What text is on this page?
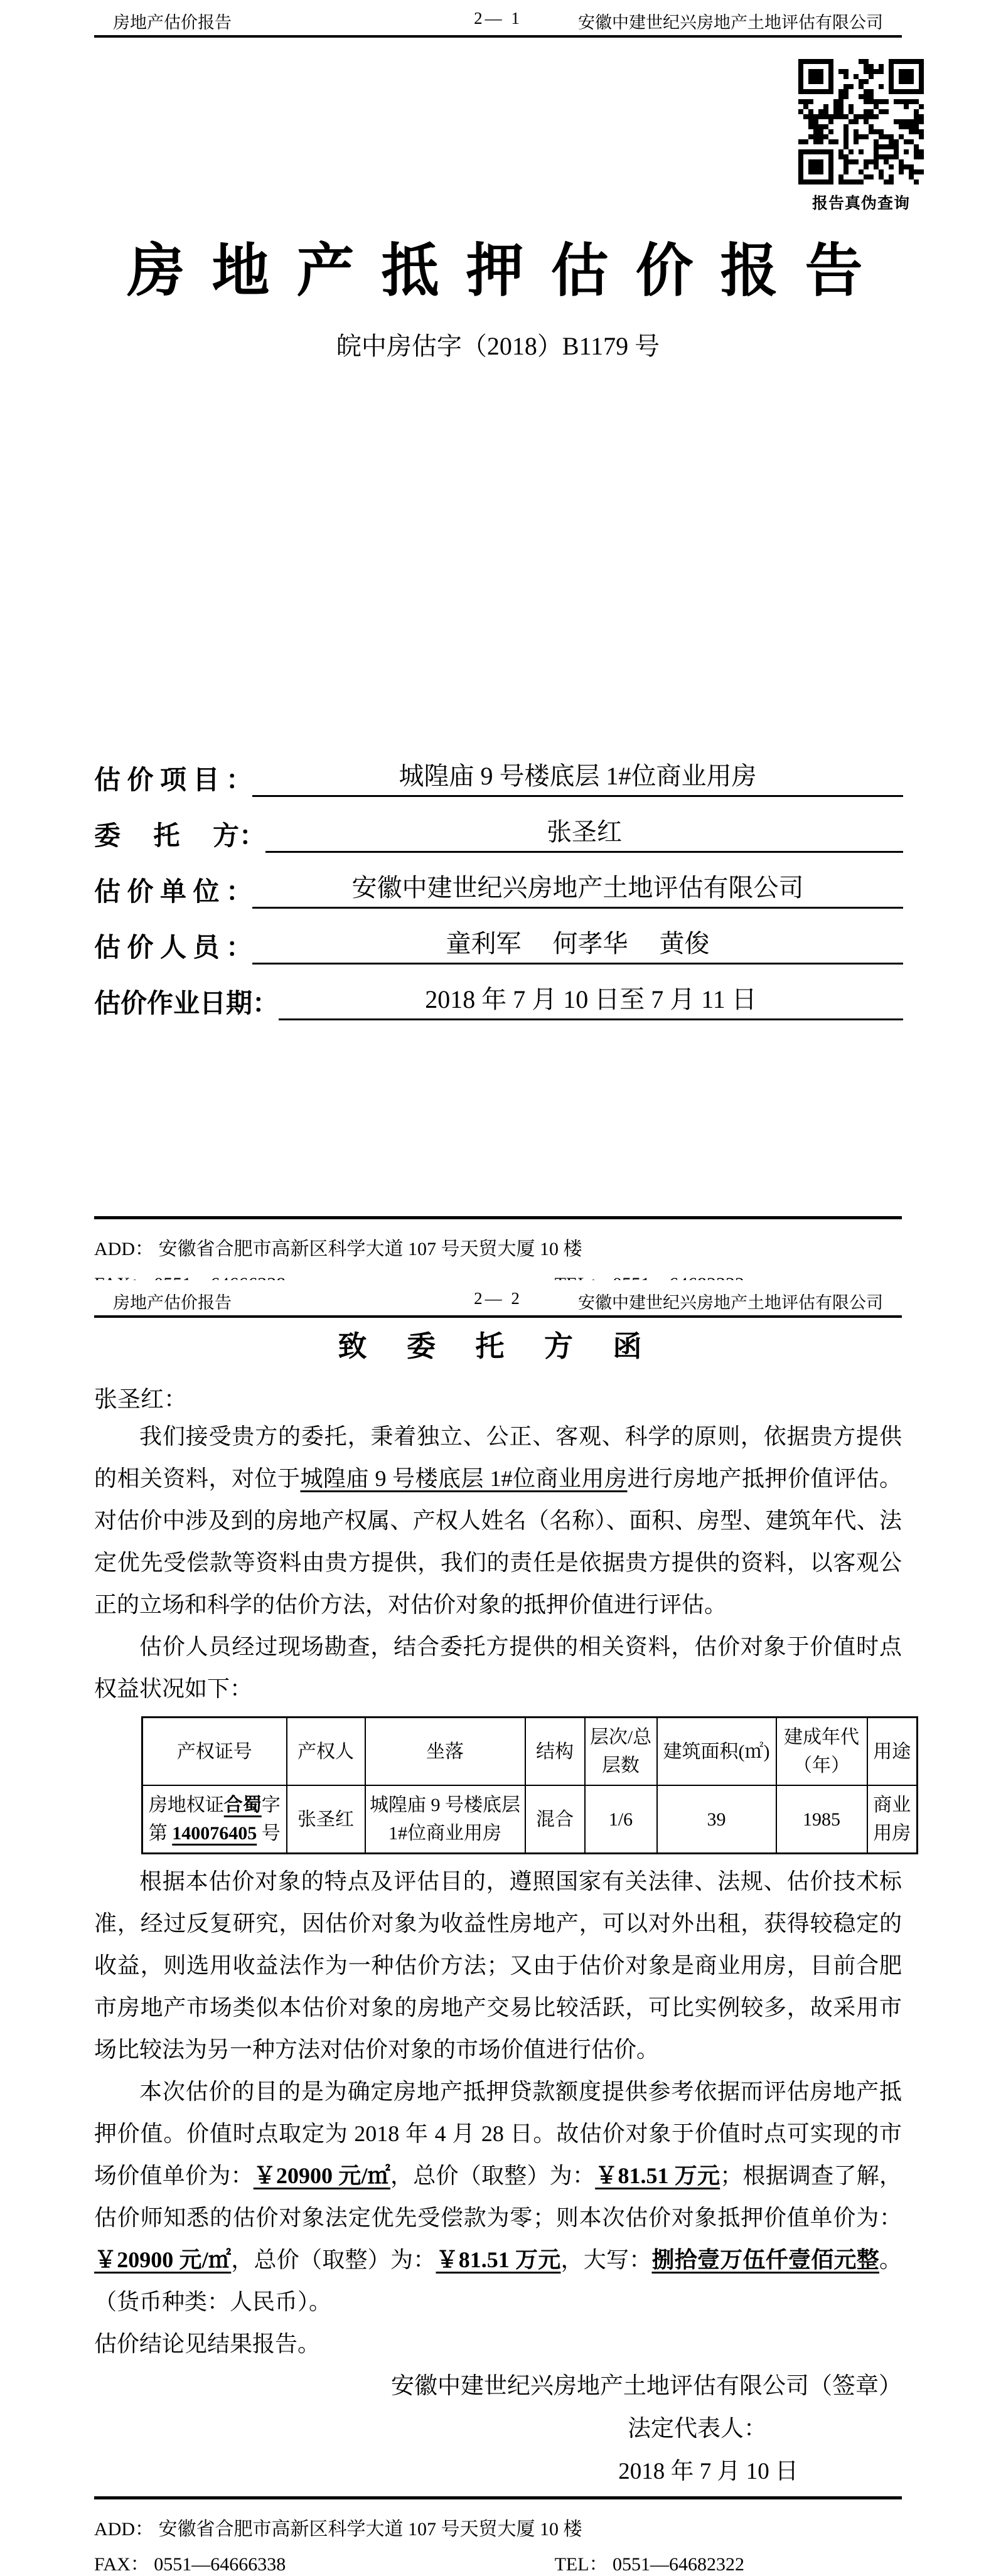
房地产估价报告	2— 1	安徽中建世纪兴房地产土地评估有限公司
报告真伪查询
房 地 产 抵 押 估 价 报 告
皖中房估字（2018）B1179 号
估 价 项 目 ：	城隍庙 9 号楼底层 1#位商业用房
委　 托　 方：	张圣红
估 价 单 位 ：	安徽中建世纪兴房地产土地评估有限公司
估 价 人 员 ：	童利军　 何孝华　 黄俊
估价作业日期：	2018 年 7 月 10 日至 7 月 11 日
ADD： 安徽省合肥市高新区科学大道 107 号天贸大厦 10 楼
房地产估价报告	2— 2	安徽中建世纪兴房地产土地评估有限公司
致 委 托 方 函

张圣红：

我们接受贵方的委托，秉着独立、公正、客观、科学的原则，依据贵方提供的相关资料，对位于城隍庙 9 号楼底层 1#位商业用房进行房地产抵押价值评估。对估价中涉及到的房地产权属、产权人姓名（名称）、面积、房型、建筑年代、法定优先受偿款等资料由贵方提供，我们的责任是依据贵方提供的资料，以客观公正的立场和科学的估价方法，对估价对象的抵押价值进行评估。

估价人员经过现场勘查，结合委托方提供的相关资料，估价对象于价值时点权益状况如下：

产权证号	产权人	坐落	结构	层次/总层数	建筑面积(㎡)	建成年代（年）	用途
房地权证合蜀字第 140076405 号	张圣红	城隍庙 9 号楼底层1#位商业用房	混合	1/6	39	1985	商业用房

根据本估价对象的特点及评估目的，遵照国家有关法律、法规、估价技术标准，经过反复研究，因估价对象为收益性房地产，可以对外出租，获得较稳定的收益，则选用收益法作为一种估价方法；又由于估价对象是商业用房，目前合肥市房地产市场类似本估价对象的房地产交易比较活跃，可比实例较多，故采用市场比较法为另一种方法对估价对象的市场价值进行估价。

本次估价的目的是为确定房地产抵押贷款额度提供参考依据而评估房地产抵押价值。价值时点取定为 2018 年 4 月 28 日。故估价对象于价值时点可实现的市场价值单价为：￥20900 元/㎡，总价（取整）为：￥81.51 万元；根据调查了解，估价师知悉的估价对象法定优先受偿款为零；则本次估价对象抵押价值单价为：￥20900 元/㎡，总价（取整）为：￥81.51 万元，大写：捌拾壹万伍仟壹佰元整。（货币种类：人民币）。

估价结论见结果报告。

安徽中建世纪兴房地产土地评估有限公司（签章）
法定代表人：
2018 年 7 月 10 日
ADD： 安徽省合肥市高新区科学大道 107 号天贸大厦 10 楼
FAX： 0551—64666338	TEL： 0551—64682322
